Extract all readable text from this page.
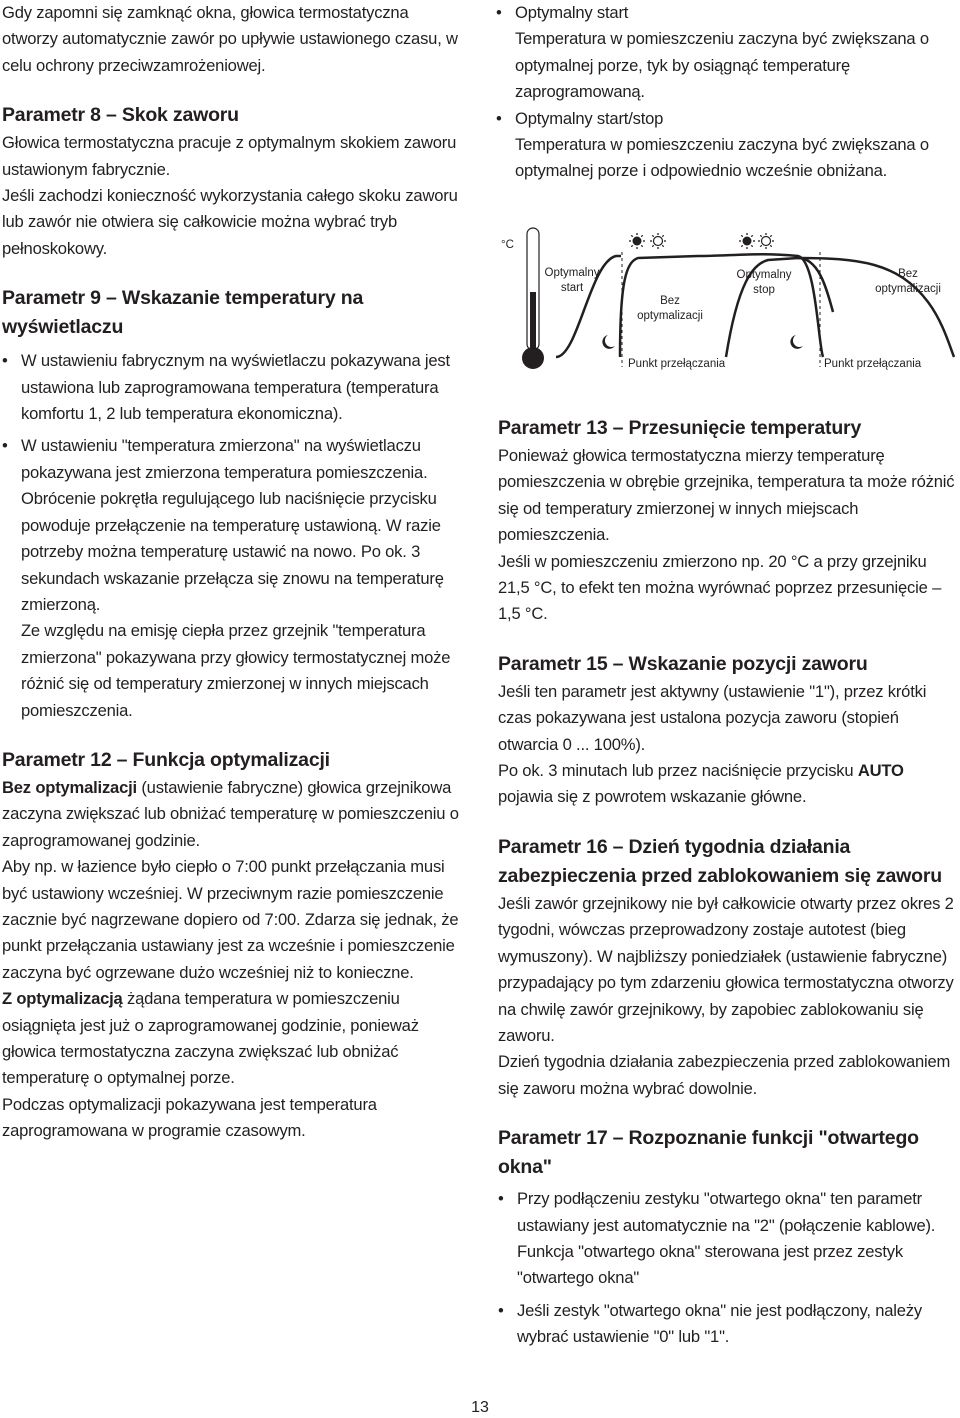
Gdy zapomni się zamknąć okna, głowica termostatyczna otworzy automatycznie zawór po upływie ustawionego czasu, w celu ochrony przeciwzamrożeniowej.

Parametr 8 – Skok zaworu

Głowica termostatyczna pracuje z optymalnym skokiem zaworu ustawionym fabrycznie.

Jeśli zachodzi konieczność wykorzystania całego skoku zaworu lub zawór nie otwiera się całkowicie można wybrać tryb pełnoskokowy.

Parametr 9 – Wskazanie temperatury na wyświetlaczu
• W ustawieniu fabrycznym na wyświetlaczu pokazywana jest ustawiona lub zaprogramowana temperatura (temperatura komfortu 1, 2 lub temperatura ekonomiczna).
• W ustawieniu "temperatura zmierzona" na wyświetlaczu pokazywana jest zmierzona temperatura pomieszczenia. Obrócenie pokrętła regulującego lub naciśnięcie przycisku powoduje przełączenie na temperaturę ustawioną. W razie potrzeby można temperaturę ustawić na nowo. Po ok. 3 sekundach wskazanie przełącza się znowu na temperaturę zmierzoną.
Ze względu na emisję ciepła przez grzejnik "temperatura zmierzona" pokazywana przy głowicy termostatycznej może różnić się od temperatury zmierzonej w innych miejscach pomieszczenia.
Parametr 12 – Funkcja optymalizacji

Bez optymalizacji (ustawienie fabryczne) głowica grzejnikowa zaczyna zwiększać lub obniżać temperaturę w pomieszczeniu o zaprogramowanej godzinie.

Aby np. w łazience było ciepło o 7:00 punkt przełączania musi być ustawiony wcześniej. W przeciwnym razie pomieszczenie zacznie być nagrzewane dopiero od 7:00. Zdarza się jednak, że punkt przełączania ustawiany jest za wcześnie i pomieszczenie zaczyna być ogrzewane dużo wcześniej niż to konieczne.

Z optymalizacją żądana temperatura w pomieszczeniu osiągnięta jest już o zaprogramowanej godzinie, ponieważ głowica termostatyczna zaczyna zwiększać lub obniżać temperaturę o optymalnej porze.

Podczas optymalizacji pokazywana jest temperatura zaprogramowana w programie czasowym.

• Optymalny start
Temperatura w pomieszczeniu zaczyna być zwiększana o optymalnej porze, tyk by osiągnąć temperaturę zaprogramowaną.
• Optymalny start/stop
Temperatura w pomieszczeniu zaczyna być zwiększana o optymalnej porze i odpowiednio wcześnie obniżana.
°C
Optymalny
start
Bez
optymalizacji
Optymalny
stop
Bez
optymalizacji
Punkt przełączania	Punkt przełączania
Parametr 13 – Przesunięcie temperatury

Ponieważ głowica termostatyczna mierzy temperaturę pomieszczenia w obrębie grzejnika, temperatura ta może różnić się od temperatury zmierzonej w innych miejscach pomieszczenia.

Jeśli w pomieszczeniu zmierzono np. 20 °C a przy grzejniku 21,5 °C, to efekt ten można wyrównać poprzez przesunięcie –1,5 °C.

Parametr 15 – Wskazanie pozycji zaworu

Jeśli ten parametr jest aktywny (ustawienie "1"), przez krótki czas pokazywana jest ustalona pozycja zaworu (stopień otwarcia 0 ... 100%).

Po ok. 3 minutach lub przez naciśnięcie przycisku AUTO pojawia się z powrotem wskazanie główne.

Parametr 16 – Dzień tygodnia działania zabezpieczenia przed zablokowaniem się zaworu

Jeśli zawór grzejnikowy nie był całkowicie otwarty przez okres 2 tygodni, wówczas przeprowadzony zostaje autotest (bieg wymuszony). W najbliższy poniedziałek (ustawienie fabryczne) przypadający po tym zdarzeniu głowica termostatyczna otworzy na chwilę zawór grzejnikowy, by zapobiec zablokowaniu się zaworu.

Dzień tygodnia działania zabezpieczenia przed zablokowaniem się zaworu można wybrać dowolnie.

Parametr 17 – Rozpoznanie funkcji "otwartego okna"
• Przy podłączeniu zestyku "otwartego okna" ten parametr ustawiany jest automatycznie na "2" (połączenie kablowe). Funkcja "otwartego okna" sterowana jest przez zestyk "otwartego okna"
• Jeśli zestyk "otwartego okna" nie jest podłączony, należy wybrać ustawienie "0" lub "1".
13
